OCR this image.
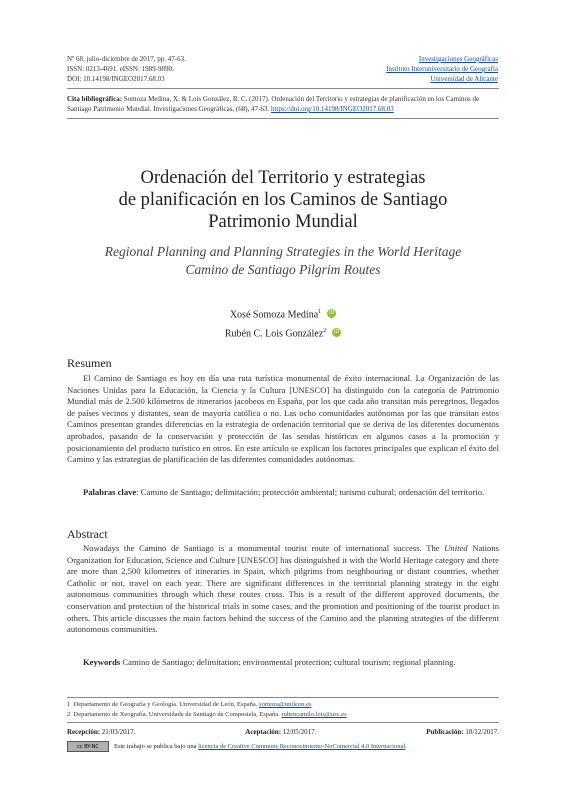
Nº 68, julio-diciembre de 2017, pp. 47-63.
ISSN: 0213-4691. eISSN: 1989-9890.
DOI: 10.14198/INGEO2017.68.03
Investigaciones Geográficas
Instituto Interuniversitario de Geografía
Universidad de Alicante
Cita bibliográfica: Somoza Medina, X. & Lois González, R. C. (2017). Ordenación del Territorio y estrategias de planificación en los Caminos de Santiago Patrimonio Mundial. Investigaciones Geográficas, (68), 47-63. https://doi.org/10.14198/INGEO2017.68.03
Ordenación del Territorio y estrategias
de planificación en los Caminos de Santiago
Patrimonio Mundial
Regional Planning and Planning Strategies in the World Heritage
Camino de Santiago Pilgrim Routes
Xosé Somoza Medina$^1$	iD
Rubén C. Lois González$^2$	iD
Resumen

El Camino de Santiago es hoy en día una ruta turística monumental de éxito internacional. La Organización de las Naciones Unidas para la Educación, la Ciencia y la Cultura [UNESCO] ha distinguido con la categoría de Patrimonio Mundial más de 2.500 kilómetros de itinerarios jacobeos en España, por los que cada año transitan más peregrinos, llegados de países vecinos y distantes, sean de mayoría católica o no. Las ocho comunidades autónomas por las que transitan estos Caminos presentan grandes diferencias en la estrategia de ordenación territorial que se deriva de los diferentes documentos aprobados, pasando de la conservación y protección de las sendas históricas en algunos casos a la promoción y posicionamiento del producto turístico en otros. En este artículo se explican los factores principales que explican el éxito del Camino y las estrategias de planificación de las diferentes comunidades autónomas.

Palabras clave: Camino de Santiago; delimitación; protección ambiental; turismo cultural; ordenación del territorio.
Abstract

Nowadays the Camino de Santiago is a monumental tourist route of international success. The United Nations Organization for Education, Science and Culture [UNESCO] has distinguished it with the World Heritage category and there are more than 2,500 kilometres of itineraries in Spain, which pilgrims from neighbouring or distant countries, whether Catholic or not, travel on each year. There are significant differences in the territorial planning strategy in the eight autonomous communities through which these routes cross. This is a result of the different approved documents, the conservation and protection of the historical trials in some cases, and the promotion and positioning of the tourist product in others. This article discusses the main factors behind the success of the Camino and the planning strategies of the different autonomous communities.

Keywords Camino de Santiago; delimitation; environmental protection; cultural tourism; regional planning.
1 Departamento de Geografía y Geología. Universidad de León, España. somoza@unileon.es
2 Departamento de Xeografía. Universidade de Santiago de Compostela, España. rubencamilo.lois@usc.es
Recepción: 21/03/2017.	Aceptación: 12/05/2017.	Publicación: 18/12/2017.
cc BY-NC	Este trabajo se publica bajo una licencia de Creative Commons Reconocimiento-NoComercial 4.0 Internacional.
